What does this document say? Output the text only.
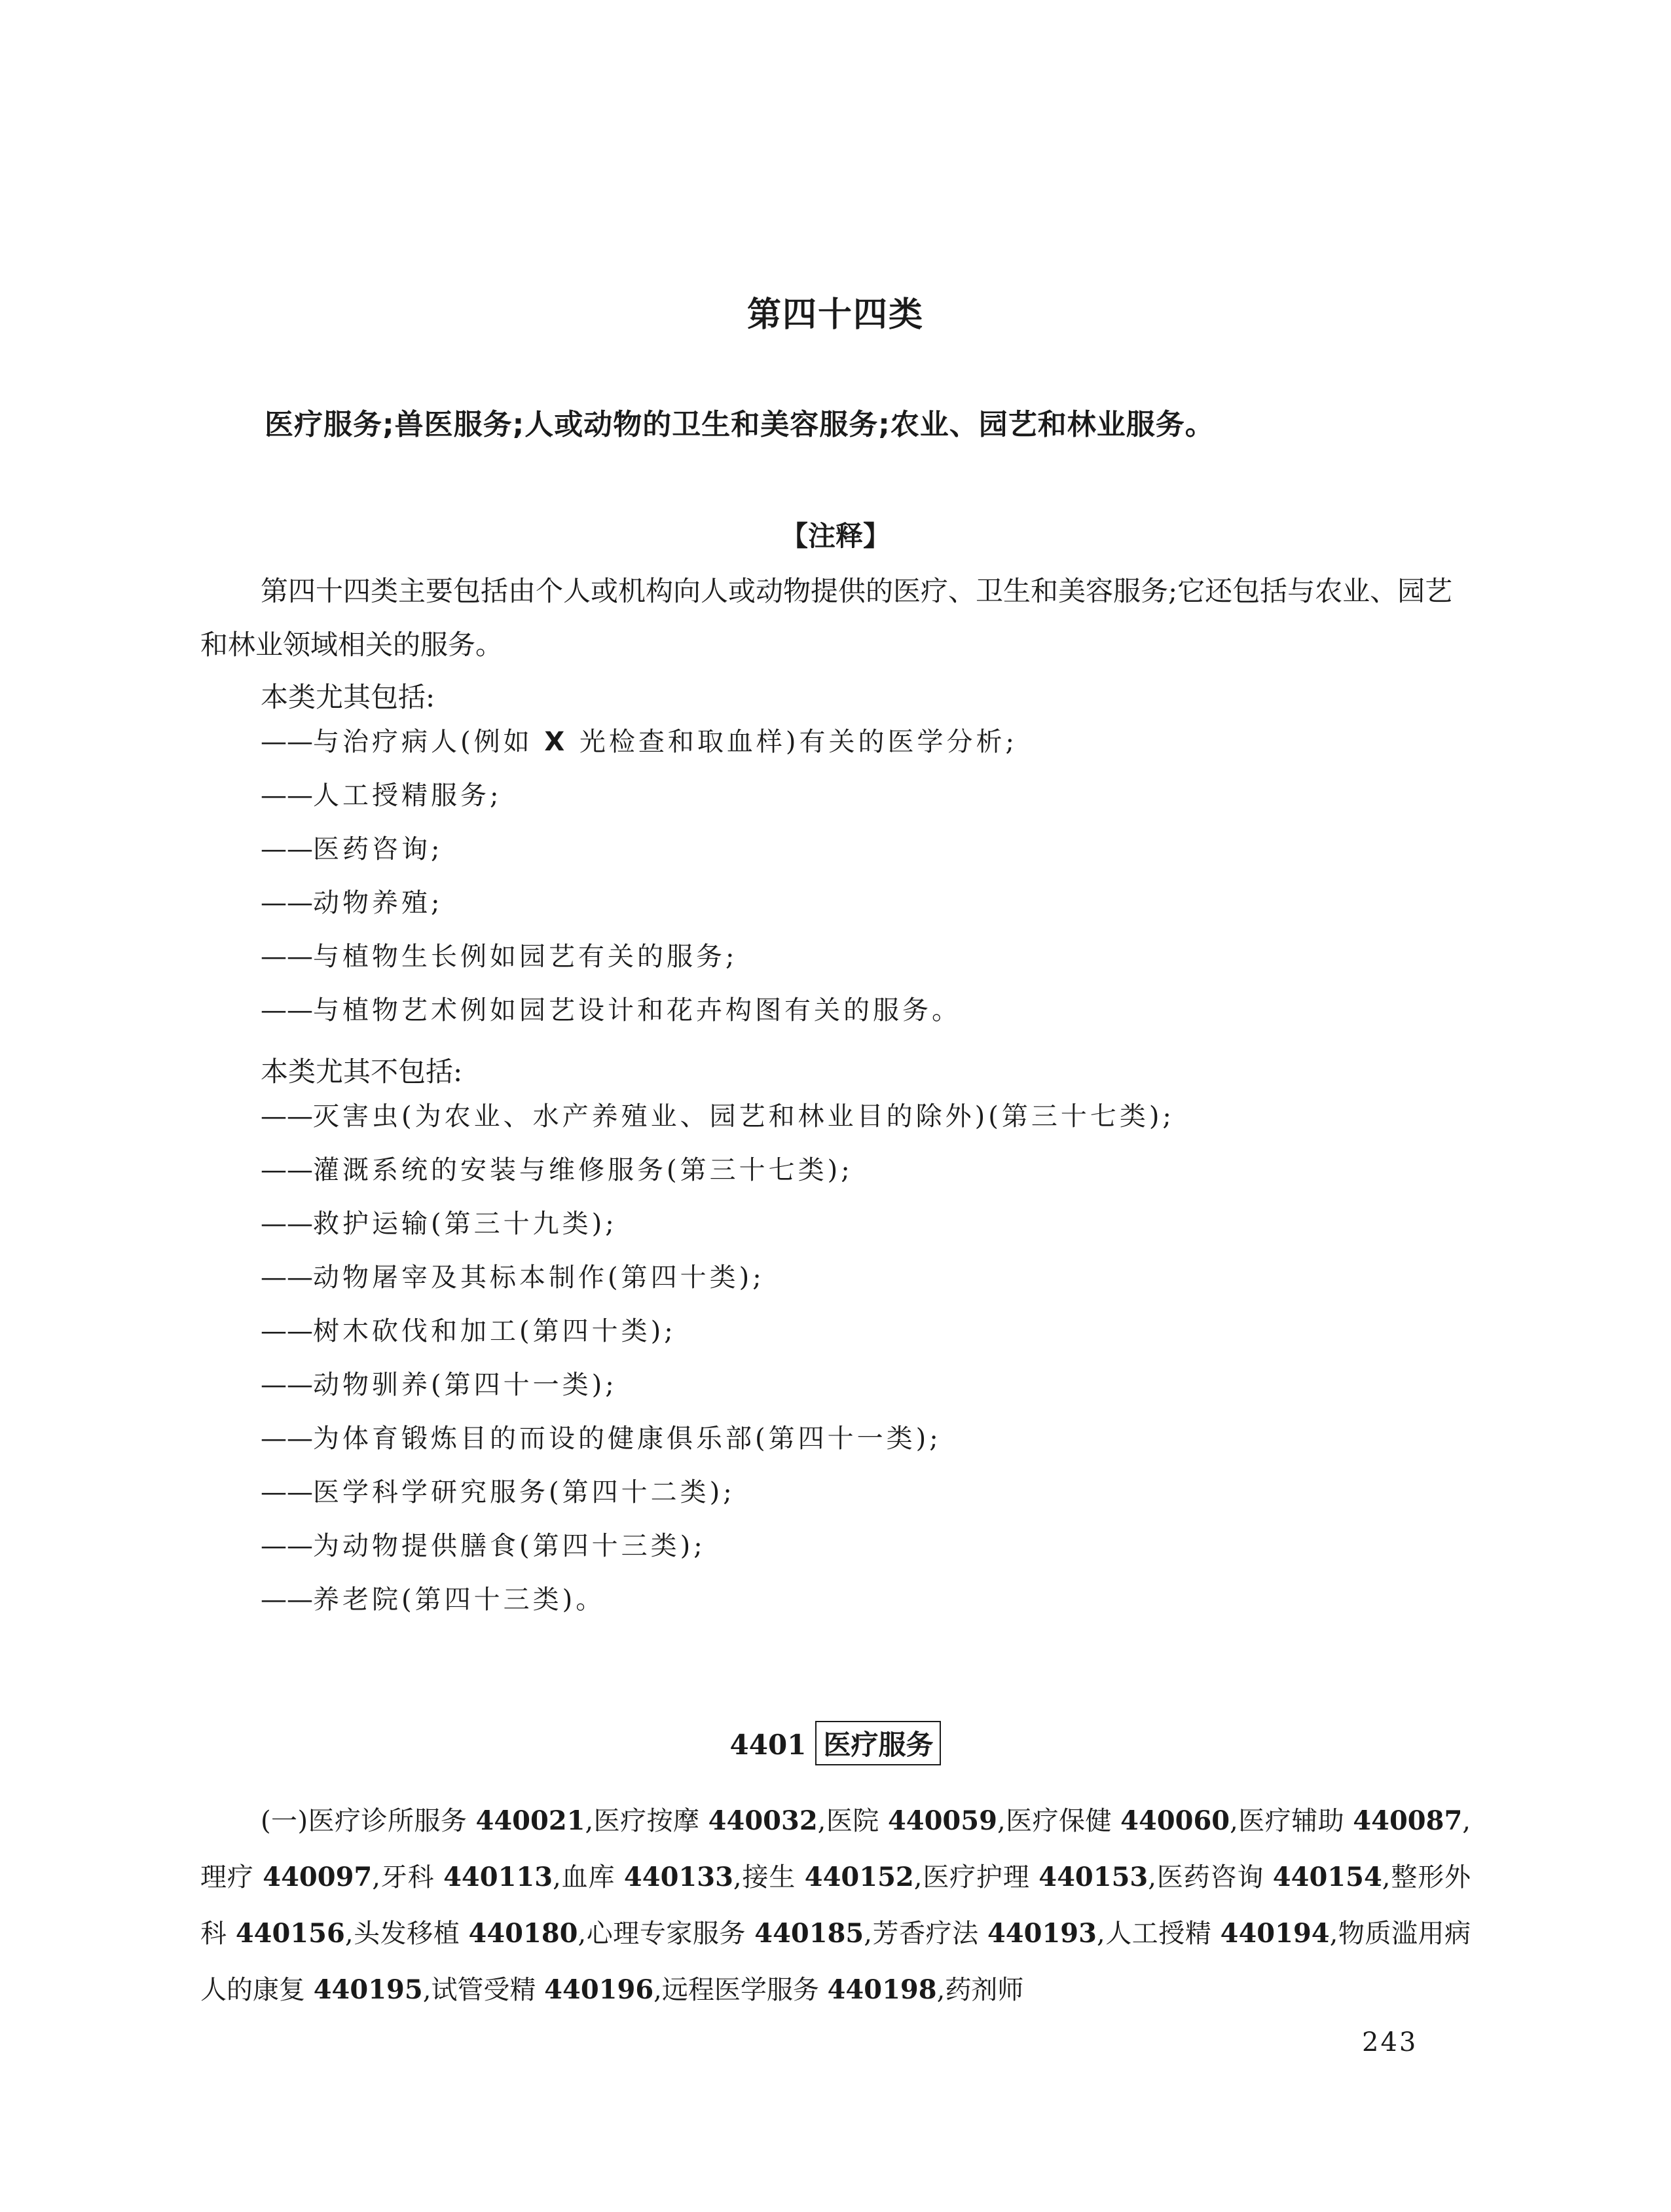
第四十四类
医疗服务;兽医服务;人或动物的卫生和美容服务;农业、园艺和林业服务。
【注释】

第四十四类主要包括由个人或机构向人或动物提供的医疗、卫生和美容服务;它还包括与农业、园艺和林业领域相关的服务。

本类尤其包括:
——与治疗病人(例如 X 光检查和取血样)有关的医学分析;
——人工授精服务;
——医药咨询;
——动物养殖;
——与植物生长例如园艺有关的服务;
——与植物艺术例如园艺设计和花卉构图有关的服务。
本类尤其不包括:
——灭害虫(为农业、水产养殖业、园艺和林业目的除外)(第三十七类);
——灌溉系统的安装与维修服务(第三十七类);
——救护运输(第三十九类);
——动物屠宰及其标本制作(第四十类);
——树木砍伐和加工(第四十类);
——动物驯养(第四十一类);
——为体育锻炼目的而设的健康俱乐部(第四十一类);
——医学科学研究服务(第四十二类);
——为动物提供膳食(第四十三类);
——养老院(第四十三类)。
4401 医疗服务

(一)医疗诊所服务 440021,医疗按摩 440032,医院 440059,医疗保健 440060,医疗辅助 440087,理疗 440097,牙科 440113,血库 440133,接生 440152,医疗护理 440153,医药咨询 440154,整形外科 440156,头发移植 440180,心理专家服务 440185,芳香疗法 440193,人工授精 440194,物质滥用病人的康复 440195,试管受精 440196,远程医学服务 440198,药剂师

243
